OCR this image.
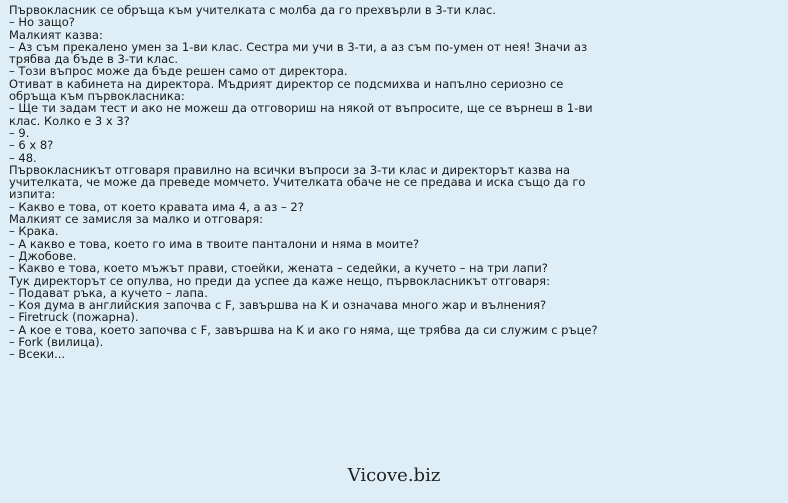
Първокласник се обръща към учителката с молба да го прехвърли в 3-ти клас.

– Но защо?

Малкият казва:

– Аз съм прекалено умен за 1-ви клас. Сестра ми учи в 3-ти, а аз съм по-умен от нея! Значи аз

трябва да бъде в 3-ти клас.

– Този въпрос може да бъде решен само от директора.

Отиват в кабинета на директора. Мъдрият директор се подсмихва и напълно сериозно се

обръща към първокласника:

– Ще ти задам тест и ако не можеш да отговориш на някой от въпросите, ще се върнеш в 1-ви

клас. Колко е 3 х 3?

– 9.

– 6 х 8?

– 48.

Първокласникът отговаря правилно на всички въпроси за 3-ти клас и директорът казва на

учителката, че може да преведе момчето. Учителката обаче не се предава и иска също да го

изпита:

– Какво е това, от което кравата има 4, а аз – 2?

Малкият се замисля за малко и отговаря:

– Крака.

– А какво е това, което го има в твоите панталони и няма в моите?

– Джобове.

– Какво е това, което мъжът прави, стоейки, жената – седейки, а кучето – на три лапи?

Тук директорът се опулва, но преди да успее да каже нещо, първокласникът отговаря:

– Подават ръка, а кучето – лапа.

– Коя дума в английския започва с F, завършва на K и означава много жар и вълнения?

– Firetruck (пожарна).

– А кое е това, което започва с F, завършва на K и ако го няма, ще трябва да си служим с ръце?

– Fork (вилица).

– Всеки...

Vicove.biz
